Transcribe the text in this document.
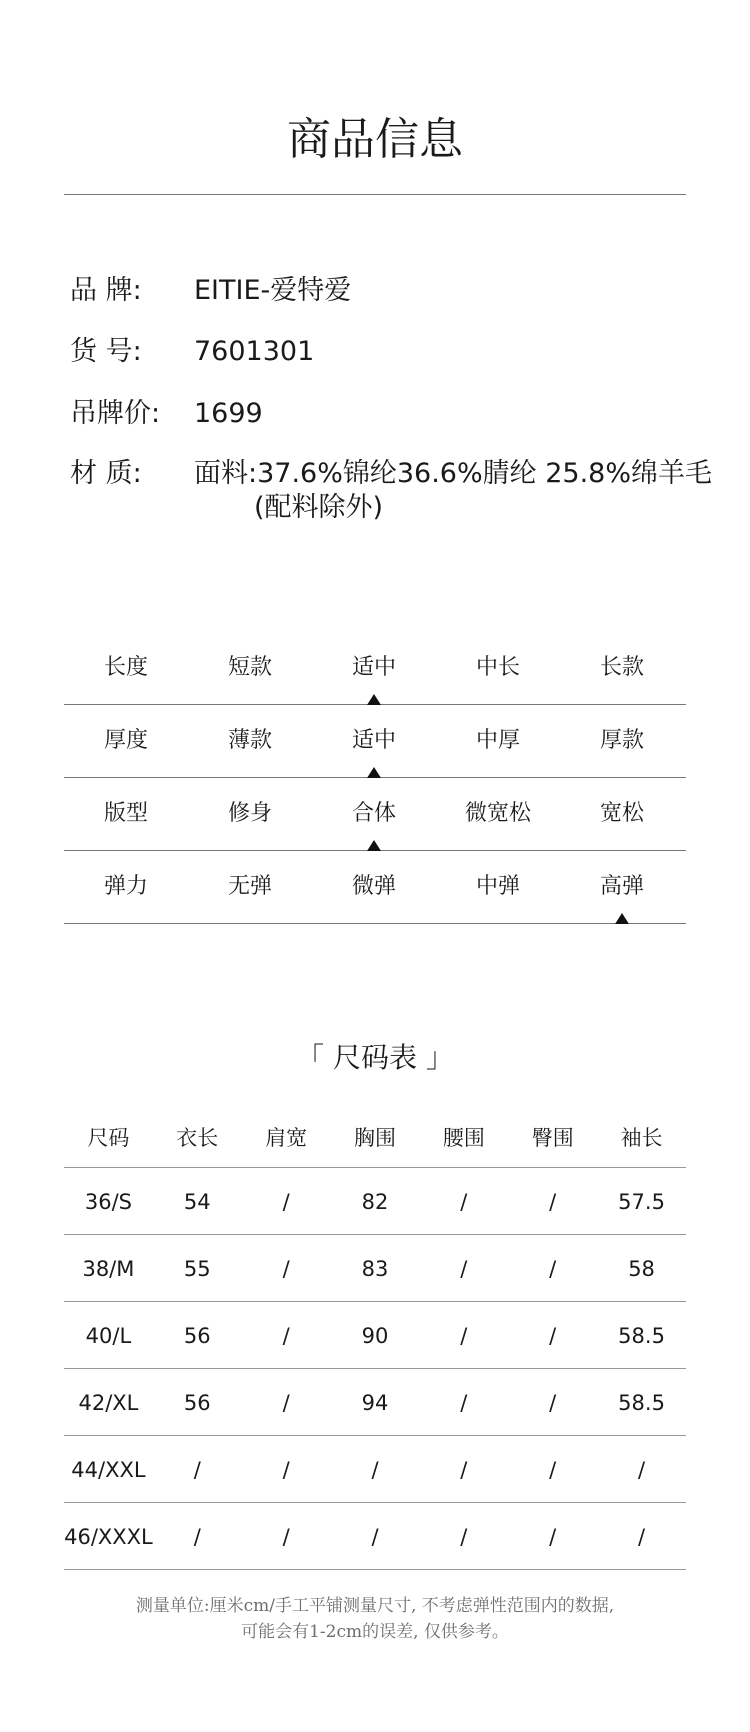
商品信息
品 牌: EITIE-爱特爱
货 号: 7601301
吊牌价: 1699
材 质: 面料:37.6%锦纶36.6%腈纶 25.8%绵羊毛
(配料除外)
长度	短款	适中	中长	长款
厚度	薄款	适中	中厚	厚款
版型	修身	合体	微宽松	宽松
弹力	无弹	微弹	中弹	高弹
「 尺码表 」
尺码	衣长	肩宽	胸围	腰围	臀围	袖长
36/S	54	/	82	/	/	57.5
38/M	55	/	83	/	/	58
40/L	56	/	90	/	/	58.5
42/XL	56	/	94	/	/	58.5
44/XXL	/	/	/	/	/	/
46/XXXL	/	/	/	/	/	/
测量单位:厘米cm/手工平铺测量尺寸, 不考虑弹性范围内的数据,
可能会有1-2cm的误差, 仅供参考。
